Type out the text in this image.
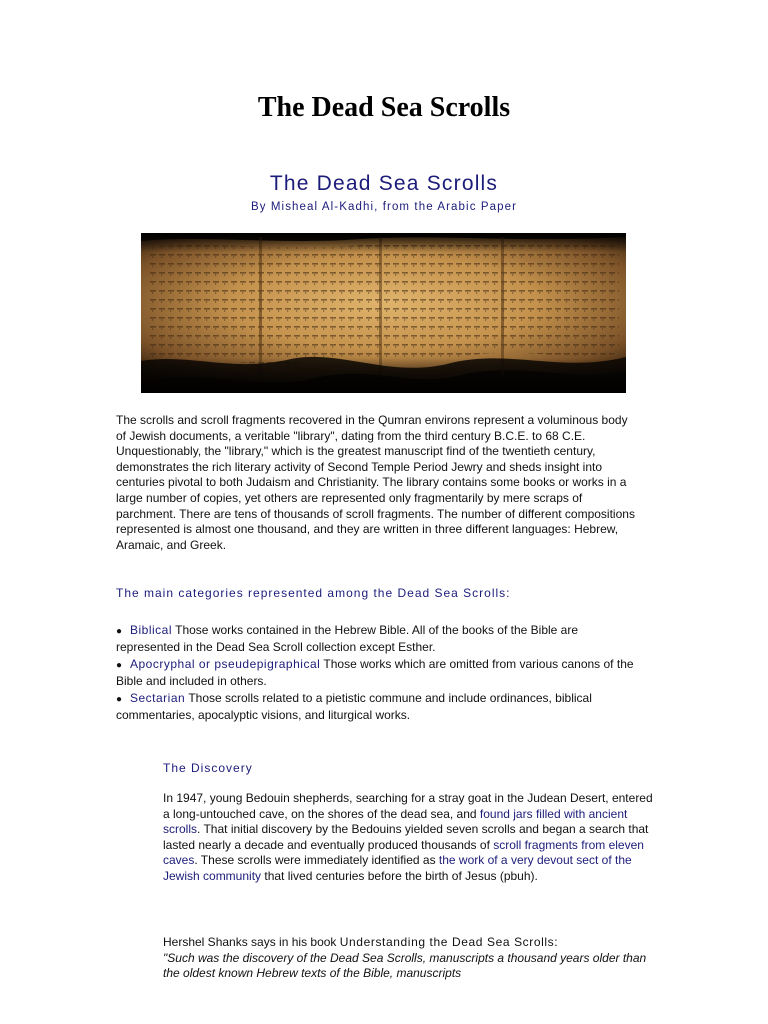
The Dead Sea Scrolls
The Dead Sea Scrolls
By Misheal Al-Kadhi, from the Arabic Paper
The scrolls and scroll fragments recovered in the Qumran environs represent a voluminous body of Jewish documents, a veritable "library", dating from the third century B.C.E. to 68 C.E. Unquestionably, the "library," which is the greatest manuscript find of the twentieth century, demonstrates the rich literary activity of Second Temple Period Jewry and sheds insight into centuries pivotal to both Judaism and Christianity. The library contains some books or works in a large number of copies, yet others are represented only fragmentarily by mere scraps of parchment. There are tens of thousands of scroll fragments. The number of different compositions represented is almost one thousand, and they are written in three different languages: Hebrew, Aramaic, and Greek.
The main categories represented among the Dead Sea Scrolls:
● Biblical Those works contained in the Hebrew Bible. All of the books of the Bible are represented in the Dead Sea Scroll collection except Esther.
● Apocryphal or pseudepigraphical Those works which are omitted from various canons of the Bible and included in others.
● Sectarian Those scrolls related to a pietistic commune and include ordinances, biblical commentaries, apocalyptic visions, and liturgical works.
The Discovery
In 1947, young Bedouin shepherds, searching for a stray goat in the Judean Desert, entered a long-untouched cave, on the shores of the dead sea, and found jars filled with ancient scrolls. That initial discovery by the Bedouins yielded seven scrolls and began a search that lasted nearly a decade and eventually produced thousands of scroll fragments from eleven caves. These scrolls were immediately identified as the work of a very devout sect of the Jewish community that lived centuries before the birth of Jesus (pbuh).
Hershel Shanks says in his book Understanding the Dead Sea Scrolls:
"Such was the discovery of the Dead Sea Scrolls, manuscripts a thousand years older than the oldest known Hebrew texts of the Bible, manuscripts
